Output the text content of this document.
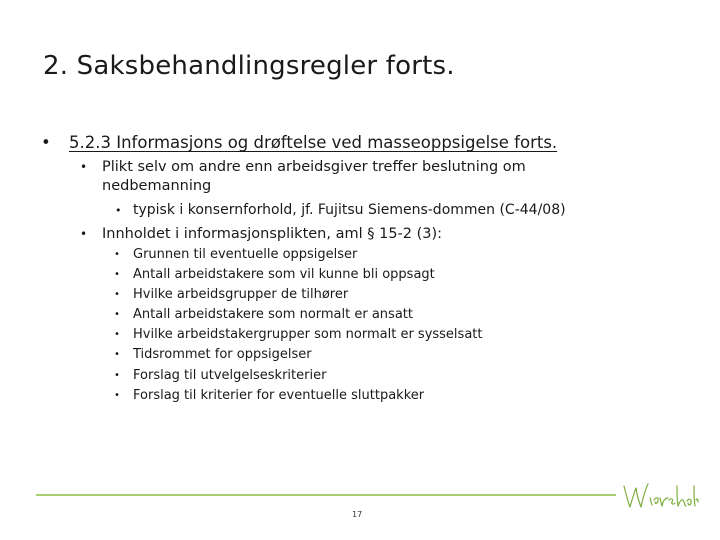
2. Saksbehandlingsregler forts.
• 5.2.3 Informasjons og drøftelse ved masseoppsigelse forts.
• Plikt selv om andre enn arbeidsgiver treffer beslutning om
nedbemanning
• typisk i konsernforhold, jf. Fujitsu Siemens-dommen (C-44/08)
• Innholdet i informasjonsplikten, aml § 15-2 (3):
• Grunnen til eventuelle oppsigelser
• Antall arbeidstakere som vil kunne bli oppsagt
• Hvilke arbeidsgrupper de tilhører
• Antall arbeidstakere som normalt er ansatt
• Hvilke arbeidstakergrupper som normalt er sysselsatt
• Tidsrommet for oppsigelser
• Forslag til utvelgelseskriterier
• Forslag til kriterier for eventuelle sluttpakker
Wiersholm
17
